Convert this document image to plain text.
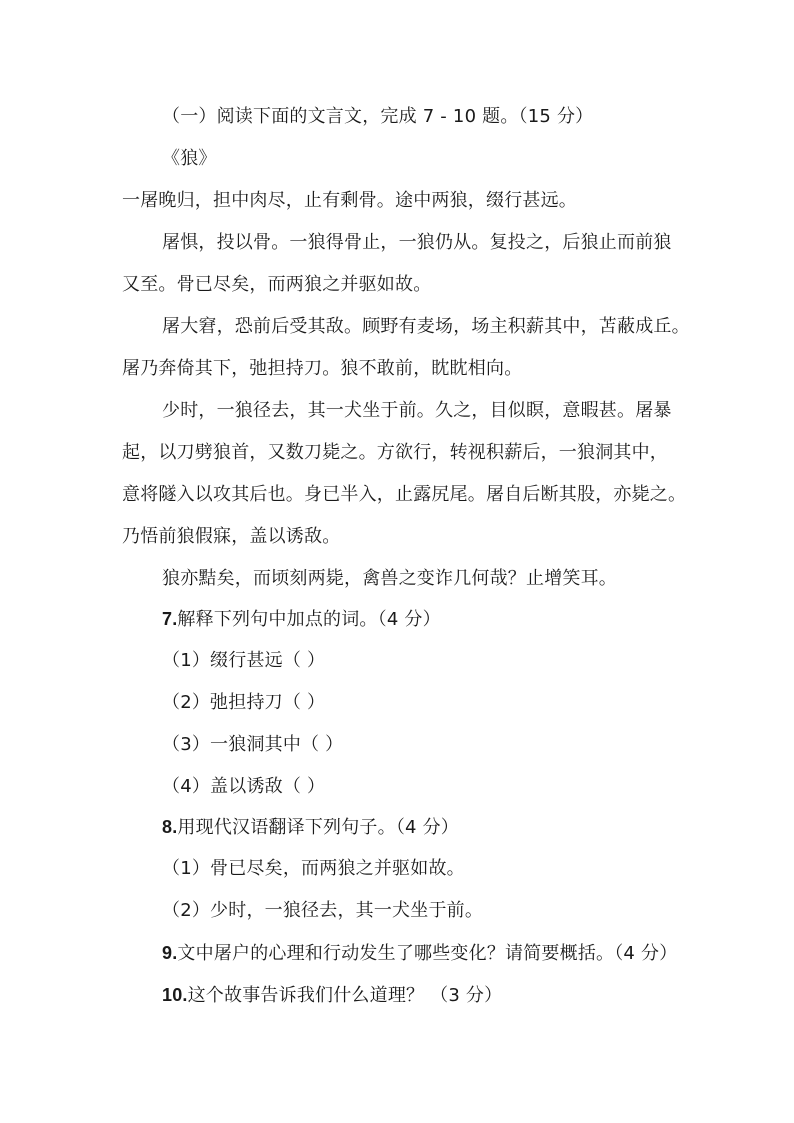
（一）阅读下面的文言文，完成 7 - 10 题。（15 分）
《狼》
一屠晚归，担中肉尽，止有剩骨。途中两狼，缀行甚远。
屠惧，投以骨。一狼得骨止，一狼仍从。复投之，后狼止而前狼
又至。骨已尽矣，而两狼之并驱如故。
屠大窘，恐前后受其敌。顾野有麦场，场主积薪其中，苫蔽成丘。
屠乃奔倚其下，弛担持刀。狼不敢前，眈眈相向。
少时，一狼径去，其一犬坐于前。久之，目似瞑，意暇甚。屠暴
起，以刀劈狼首，又数刀毙之。方欲行，转视积薪后，一狼洞其中，
意将隧入以攻其后也。身已半入，止露尻尾。屠自后断其股，亦毙之。
乃悟前狼假寐，盖以诱敌。
狼亦黠矣，而顷刻两毙，禽兽之变诈几何哉？止增笑耳。
7.解释下列句中加点的词。（4 分）
（1）缀行甚远（ ）
（2）弛担持刀（ ）
（3）一狼洞其中（ ）
（4）盖以诱敌（ ）
8.用现代汉语翻译下列句子。（4 分）
（1）骨已尽矣，而两狼之并驱如故。
（2）少时，一狼径去，其一犬坐于前。
9.文中屠户的心理和行动发生了哪些变化？请简要概括。（4 分）
10.这个故事告诉我们什么道理？ （3 分）
